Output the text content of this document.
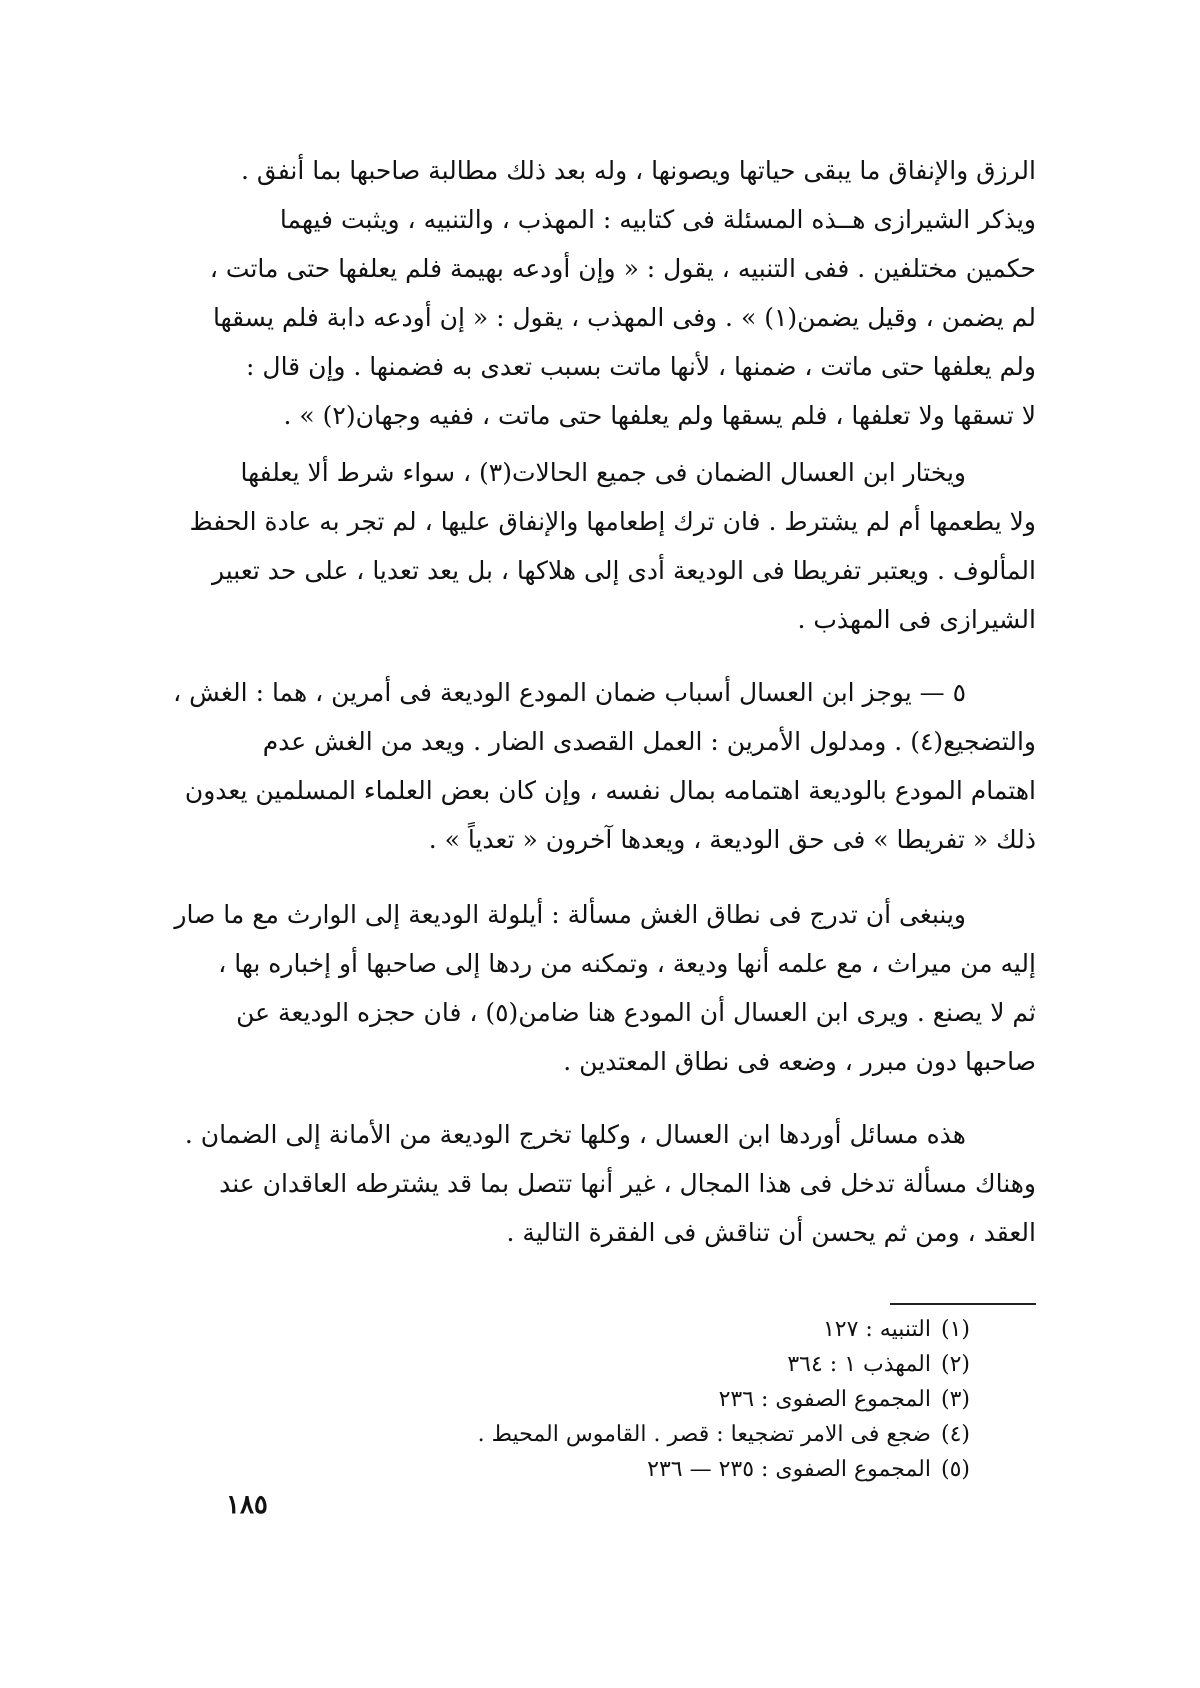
الرزق والإنفاق ما يبقى حياتها ويصونها ، وله بعد ذلك مطالبة صاحبها بما أنفق .
ويذكر الشيرازى هــذه المسئلة فى كتابيه : المهذب ، والتنبيه ، ويثبت فيهما
حكمين مختلفين . ففى التنبيه ، يقول : « وإن أودعه بهيمة فلم يعلفها حتى ماتت ،
لم يضمن ، وقيل يضمن(١) » . وفى المهذب ، يقول : « إن أودعه دابة فلم يسقها
ولم يعلفها حتى ماتت ، ضمنها ، لأنها ماتت بسبب تعدى به فضمنها . وإن قال :
لا تسقها ولا تعلفها ، فلم يسقها ولم يعلفها حتى ماتت ، ففيه وجهان(٢) » .

ويختار ابن العسال الضمان فى جميع الحالات(٣) ، سواء شرط ألا يعلفها
ولا يطعمها أم لم يشترط . فان ترك إطعامها والإنفاق عليها ، لم تجر به عادة الحفظ
المألوف . ويعتبر تفريطا فى الوديعة أدى إلى هلاكها ، بل يعد تعديا ، على حد تعبير
الشيرازى فى المهذب .

٥ — يوجز ابن العسال أسباب ضمان المودع الوديعة فى أمرين ، هما : الغش ،
والتضجيع(٤) . ومدلول الأمرين : العمل القصدى الضار . ويعد من الغش عدم
اهتمام المودع بالوديعة اهتمامه بمال نفسه ، وإن كان بعض العلماء المسلمين يعدون
ذلك « تفريطا » فى حق الوديعة ، ويعدها آخرون « تعدياً » .

وينبغى أن تدرج فى نطاق الغش مسألة : أيلولة الوديعة إلى الوارث مع ما صار
إليه من ميراث ، مع علمه أنها وديعة ، وتمكنه من ردها إلى صاحبها أو إخباره بها ،
ثم لا يصنع . ويرى ابن العسال أن المودع هنا ضامن(٥) ، فان حجزه الوديعة عن
صاحبها دون مبرر ، وضعه فى نطاق المعتدين .

هذه مسائل أوردها ابن العسال ، وكلها تخرج الوديعة من الأمانة إلى الضمان .
وهناك مسألة تدخل فى هذا المجال ، غير أنها تتصل بما قد يشترطه العاقدان عند
العقد ، ومن ثم يحسن أن تناقش فى الفقرة التالية .

(١)التنبيه : ١٢٧
(٢)المهذب ١ : ٣٦٤
(٣)المجموع الصفوى : ٢٣٦
(٤)ضجع فى الامر تضجيعا : قصر . القاموس المحيط .
(٥)المجموع الصفوى : ٢٣٥ — ٢٣٦
١٨٥
